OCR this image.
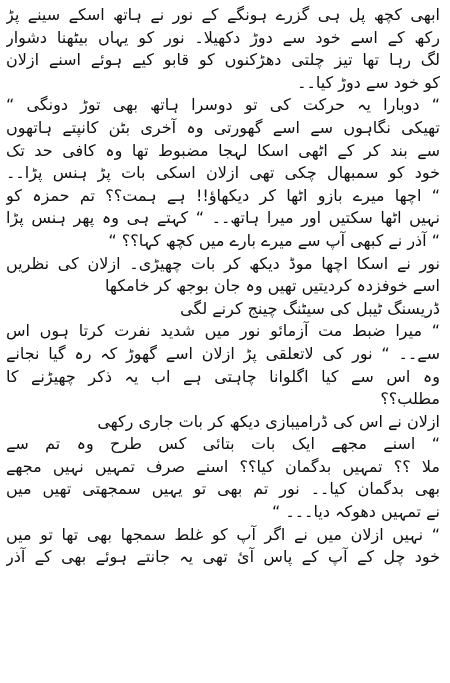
ابھی کچھ پل ہی گزرے ہونگے کے نور نے ہاتھ اسکے سینے پڑ
رکھ کے اسے خود سے دوڑ دکھیلا۔ نور کو یہاں بیٹھنا دشوار
لگ رہا تھا تیز چلتی دھڑکنوں کو قابو کیے ہوئے اسنے ازلان
کو خود سے دوڑ کیا۔۔
“ دوبارا یہ حرکت کی تو دوسرا ہاتھ بھی توڑ دونگی “
تھیکی نگاہوں سے اسے گھورتی وہ آخری بٹن کانپتے ہاتھوں
سے بند کر کے اٹھی اسکا لہجا مضبوط تھا وہ کافی حد تک
خود کو سمبھال چکی تھی ازلان اسکی بات پڑ ہنس پڑا۔۔
“ اچھا میرے بازو اٹھا کر دیکھاؤ!! ہے ہمت؟؟ تم حمزہ کو
نہیں اٹھا سکتیں اور میرا ہاتھ۔۔ “ کہتے ہی وہ پھر ہنس پڑا
“ آذر نے کبھی آپ سے میرے بارے میں کچھ کہا؟؟ “
نور نے اسکا اچھا موڈ دیکھ کر بات چھیڑی۔ ازلان کی نظریں
اسے خوفزدہ کردیتیں تھیں وہ جان بوجھ کر خامکھا
ڈریسنگ ٹیبل کی سیٹنگ چینج کرنے لگی
“ میرا ضبط مت آزمائو نور میں شدید نفرت کرتا ہوں اس
سے۔۔ “ نور کی لاتعلقی پڑ ازلان اسے گھوڑ کہ رہ گیا نجانے
وہ اس سے کیا اگلوانا چاہتی ہے اب یہ ذکر چھیڑنے کا
مطلب؟؟
ازلان نے اس کی ڈرامیبازی دیکھ کر بات جاری رکھی
“ اسنے مجھے ایک بات بتائی کس طرح وہ تم سے
ملا ؟؟ تمہیں بدگمان کیا؟؟ اسنے صرف تمہیں نہیں مجھے
بھی بدگمان کیا۔۔ نور تم بھی تو یہیں سمجھتی تھیں میں
نے تمہیں دھوکہ دیا۔۔۔ “
“ نہیں ازلان میں نے اگر آپ کو غلط سمجھا بھی تھا تو میں
خود چل کے آپ کے پاس آئ تھی یہ جانتے ہوئے بھی کے آذر
